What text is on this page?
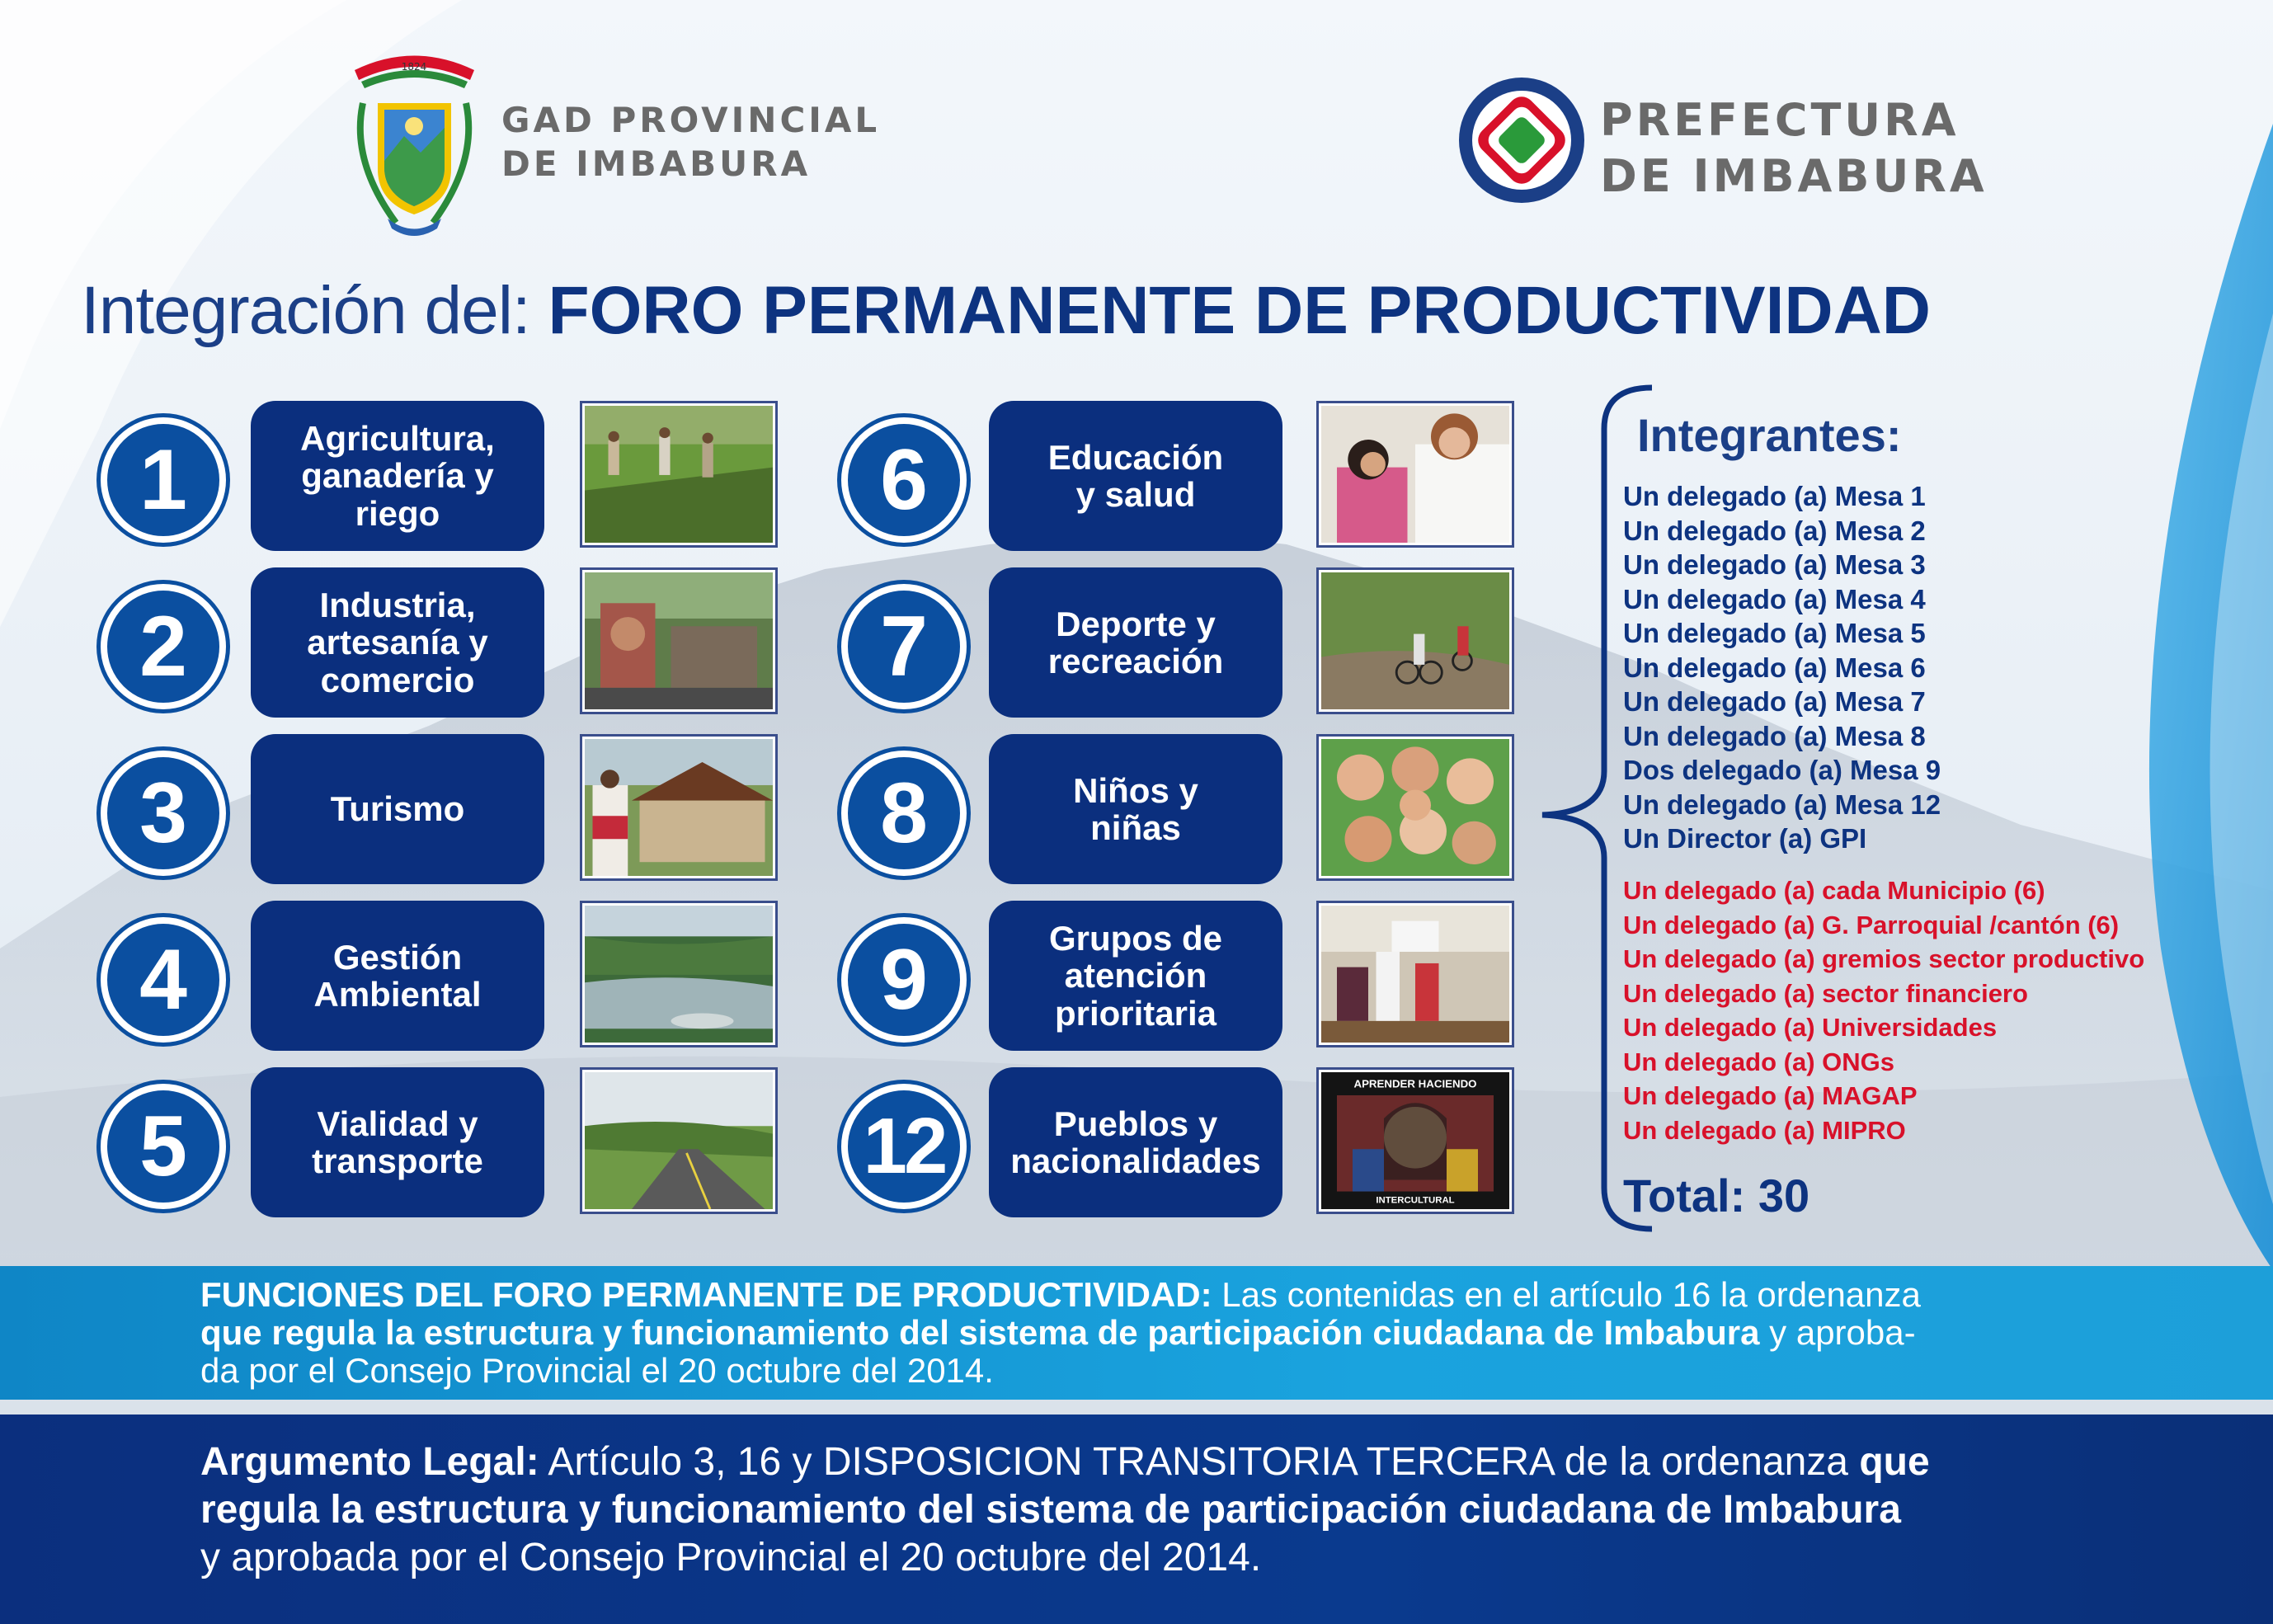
1824
GAD PROVINCIAL
DE IMBABURA
PREFECTURA
DE IMBABURA
Integración del: FORO PERMANENTE DE PRODUCTIVIDAD
1	Agricultura,
ganadería y
riego
2	Industria,
artesanía y
comercio
3	Turismo
4	Gestión
Ambiental
5	Vialidad y
transporte
6	Educación
y salud
7	Deporte y
recreación
8	Niños y
niñas
9	Grupos de
atención
prioritaria
12	Pueblos y
nacionalidades
APRENDER HACIENDO
INTERCULTURAL
Integrantes:
Un delegado (a) Mesa 1
Un delegado (a) Mesa 2
Un delegado (a) Mesa 3
Un delegado (a) Mesa 4
Un delegado (a) Mesa 5
Un delegado (a) Mesa 6
Un delegado (a) Mesa 7
Un delegado (a) Mesa 8
Dos delegado (a) Mesa 9
Un delegado (a) Mesa 12
Un Director (a) GPI
Un delegado (a) cada Municipio (6)
Un delegado (a) G. Parroquial /cantón (6)
Un delegado (a) gremios sector productivo
Un delegado (a) sector financiero
Un delegado (a) Universidades
Un delegado (a) ONGs
Un delegado (a) MAGAP
Un delegado (a) MIPRO
Total: 30
FUNCIONES DEL FORO PERMANENTE DE PRODUCTIVIDAD: Las contenidas en el artículo 16 la ordenanza
que regula la estructura y funcionamiento del sistema de participación ciudadana de Imbabura y aproba-
da por el Consejo Provincial el 20 octubre del 2014.
Argumento Legal: Artículo 3, 16 y DISPOSICION TRANSITORIA TERCERA de la ordenanza que
regula la estructura y funcionamiento del sistema de participación ciudadana de Imbabura
y aprobada por el Consejo Provincial el 20 octubre del 2014.
